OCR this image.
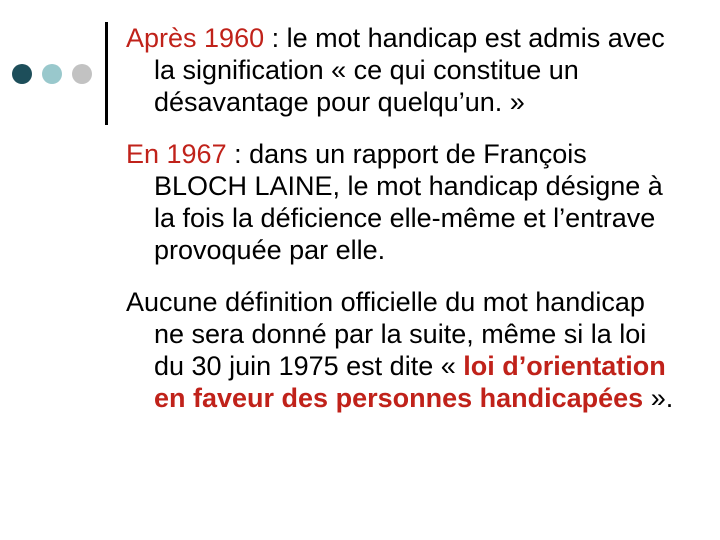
Après 1960 : le mot handicap est admis avec la signification « ce qui constitue un désavantage pour quelqu’un. »

En 1967 : dans un rapport de François BLOCH LAINE, le mot handicap désigne à la fois la déficience elle-même et l’entrave provoquée par elle.

Aucune définition officielle du mot handicap ne sera donné par la suite, même si la loi du 30 juin 1975 est dite « loi d’orientation en faveur des personnes handicapées ».
